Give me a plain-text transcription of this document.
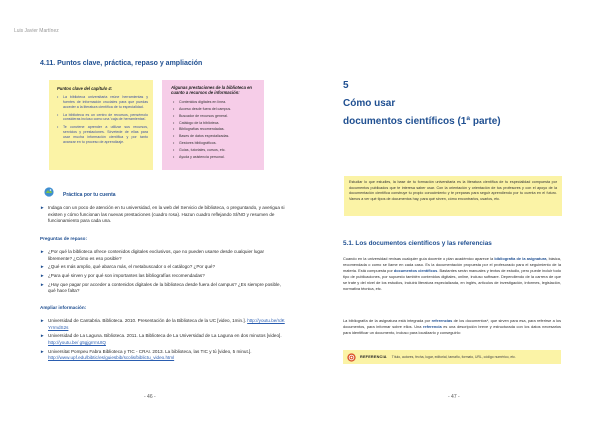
Luis Javier Martínez
4.11. Puntos clave, práctica, repaso y ampliación
Puntos clave del capítulo 4:
• La biblioteca universitaria reúne herramientas y fuentes de información cruciales para que puedas acceder a la literatura científica de tu especialidad.
• La biblioteca es un centro de recursos, pensémolo consideras incluso como una 'caja de herramientas'.
• Te conviene aprender a utilizar sus recursos, servicios y prestaciones. Sírvetede de ellas para usar mucha información científica y por tanto avanzar en tu proceso de aprendizaje.
Algunas prestaciones de la biblioteca en cuanto a recursos de información:
• Contenidos digitales en línea.
• Acceso desde fuera del campus.
• Buscador de recursos general.
• Catálogo de la biblioteca.
• Bibliografías recomendadas.
• Bases de datos especializadas.
• Gestores bibliográficos.
• Guías, tutoriales, cursos, etc.
• Ayuda y asistencia personal.
Práctica por tu cuenta
► Indaga con un poco de atención en tu universidad, en la web del Servicio de biblioteca, o preguntando, y averigua si existen y cómo funcionan las nuevas prestaciones (cuadro rosa). Hazun cuadro reflejando SÍ/NO y resumen de funcionamiento para cada una.
Preguntas de repaso:
► ¿Por qué la biblioteca ofrece contenidos digitales exclusivos, que no pueden usarse desde cualquier lugar libremente? ¿Cómo es eso posible?
► ¿Qué es más amplio, qué abarca más, el metabuscador o el catálogo? ¿Por qué?
► ¿Para qué sirven y por qué son importantes las bibliografías recomendadas?
► ¿Hay que pagar por acceder a contenidos digitales de la biblioteca desde fuera del campus? ¿Es siempre posible, qué hace falta?
Ampliar información:
► Universidad de Cantabria. Biblioteca. 2010. Presentación de la Biblioteca de la UC [video, 1min.]. http://youtu.be/rdK YrrmdS2s
► Universidad de La Laguna. Biblioteca. 2011. La Biblioteca de La Universidad de La Laguna en dos minutos [video]. http://youtu.be/ g5gjgrrmUtQ
► Universitat Pompeu Fabra Biblioteca y TIC - CRAI. 2013. La biblioteca, las TIC y tú [video, 5 minut.]. http://www.upf.edu/bibtic/es/guiesbib/scolis/biblictu_video.html
- 46 -
5
Cómo usar
documentos científicos (1ª parte)
Estudiar lo que estudies, la base de tu formación universitaria es la literatura científica de tu especialidad compuesta por documentos publicados que te interesa saber usar. Con la orientación y orientación de tus profesores y con el apoyo de la documentación científica construye tu propio conocimiento y te preparas para seguir aprendiendo por tu cuenta en el futuro. Vamos a ver qué tipos de documentos hay, para qué sirven, cómo encontrarlos, usarlos, etc.
5.1. Los documentos científicos y las referencias

Cuando en la universidad revisas cualquier guía docente o plan académico aparece la bibliografía de la asignatura, básica, recomendada o como se llame en cada caso. Es la documentación propuesta por el profesorado para el seguimiento de la materia. Está compuesta por documentos científicos. Bastantes serán manuales y textos de estudio, pero puede incluir todo tipo de publicaciones, por supuesto también contenidos digitales, online, incluso software. Dependiendo de la carrera de que se trate y del nivel de los estudios, incluirá literatura especializada, en inglés, artículos de investigación, informes, legislación, normativa técnica, etc.

La bibliografía de la asignatura está integrada por referencias de los documentos*, que sirven para esa, para referirse a los documentos, para informar sobre ellos. Una referencia es una descripción breve y estructurada con los datos necesarios para identificar un documento, incluso para localizarlo y conseguirlo:

REFERENCIA Título, autores, fecha, lugar, editorial, tamaño, formato, URL, código numérico, etc.
- 47 -
